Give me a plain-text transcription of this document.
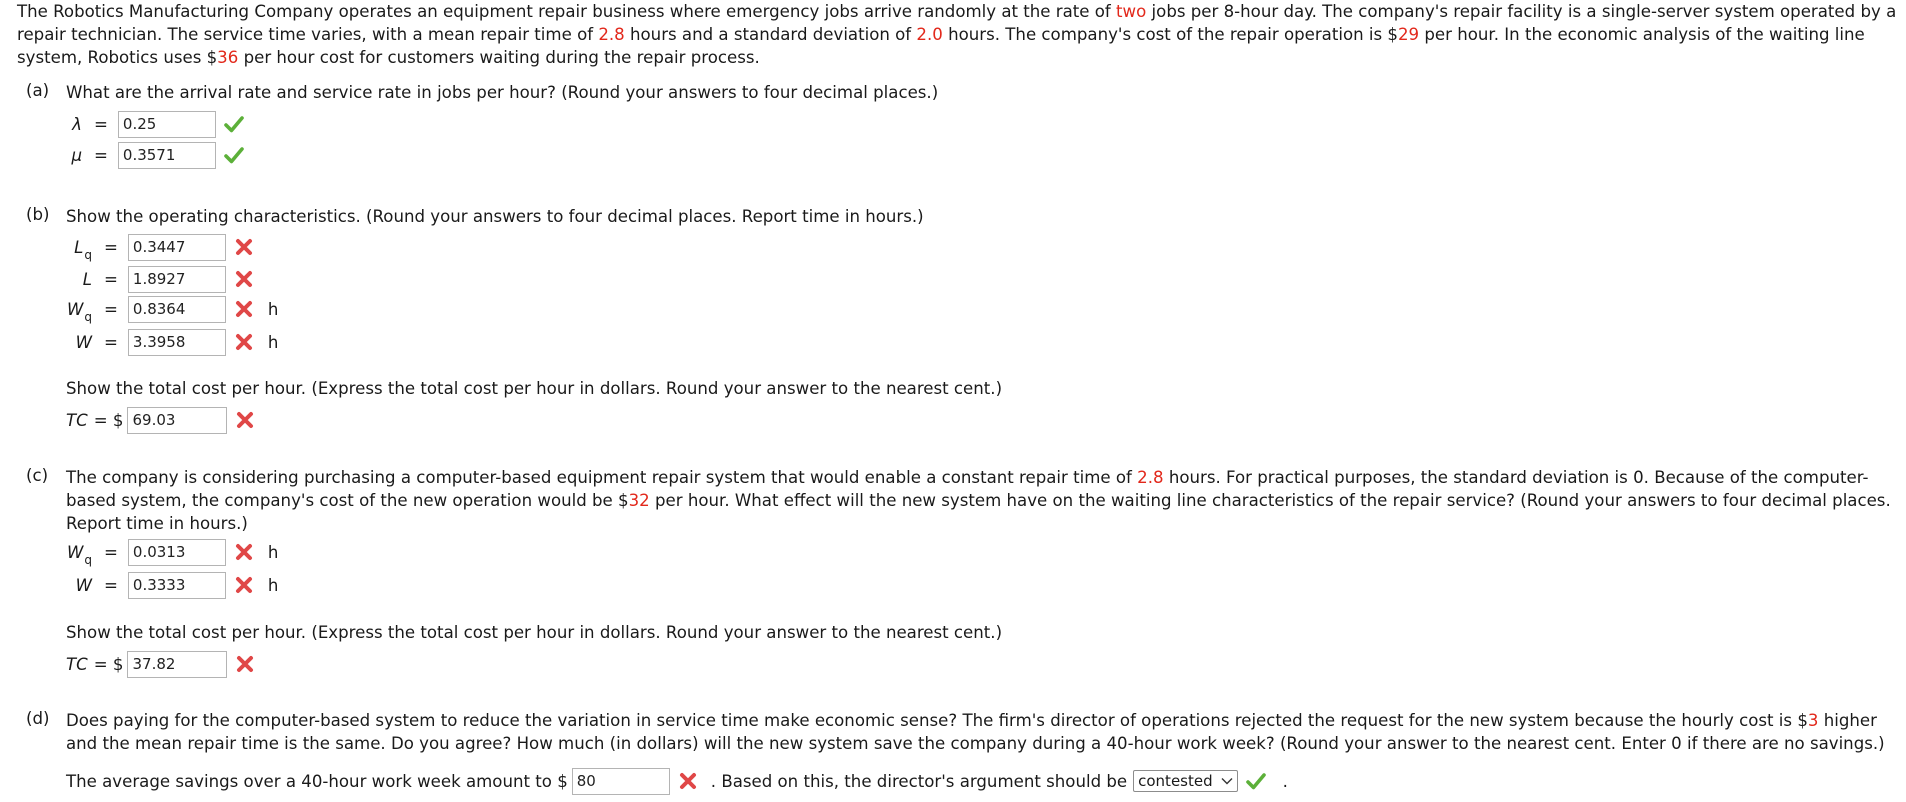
The Robotics Manufacturing Company operates an equipment repair business where emergency jobs arrive randomly at the rate of two jobs per 8-hour day. The company's repair facility is a single-server system operated by a repair technician. The service time varies, with a mean repair time of 2.8 hours and a standard deviation of 2.0 hours. The company's cost of the repair operation is $29 per hour. In the economic analysis of the waiting line system, Robotics uses $36 per hour cost for customers waiting during the repair process.

(a) What are the arrival rate and service rate in jobs per hour? (Round your answers to four decimal places.)

λ =	0.25
μ =	0.3571
(b) Show the operating characteristics. (Round your answers to four decimal places. Report time in hours.)

$L_q$ =	0.3447
L =	1.8927
$W_q$ =	0.8364	h
W =	3.3958	h

Show the total cost per hour. (Express the total cost per hour in dollars. Round your answer to the nearest cent.)

TC = $ 69.03
(c) The company is considering purchasing a computer-based equipment repair system that would enable a constant repair time of 2.8 hours. For practical purposes, the standard deviation is 0. Because of the computer-based system, the company's cost of the new operation would be $32 per hour. What effect will the new system have on the waiting line characteristics of the repair service? (Round your answers to four decimal places. Report time in hours.)

$W_q$ =	0.0313	h
W =	0.3333	h

Show the total cost per hour. (Express the total cost per hour in dollars. Round your answer to the nearest cent.)

TC = $ 37.82
(d) Does paying for the computer-based system to reduce the variation in service time make economic sense? The firm's director of operations rejected the request for the new system because the hourly cost is $3 higher and the mean repair time is the same. Do you agree? How much (in dollars) will the new system save the company during a 40-hour work week? (Round your answer to the nearest cent. Enter 0 if there are no savings.)

The average savings over a 40-hour work week amount to $ 80	. Based on this, the director's argument should be contested	.
